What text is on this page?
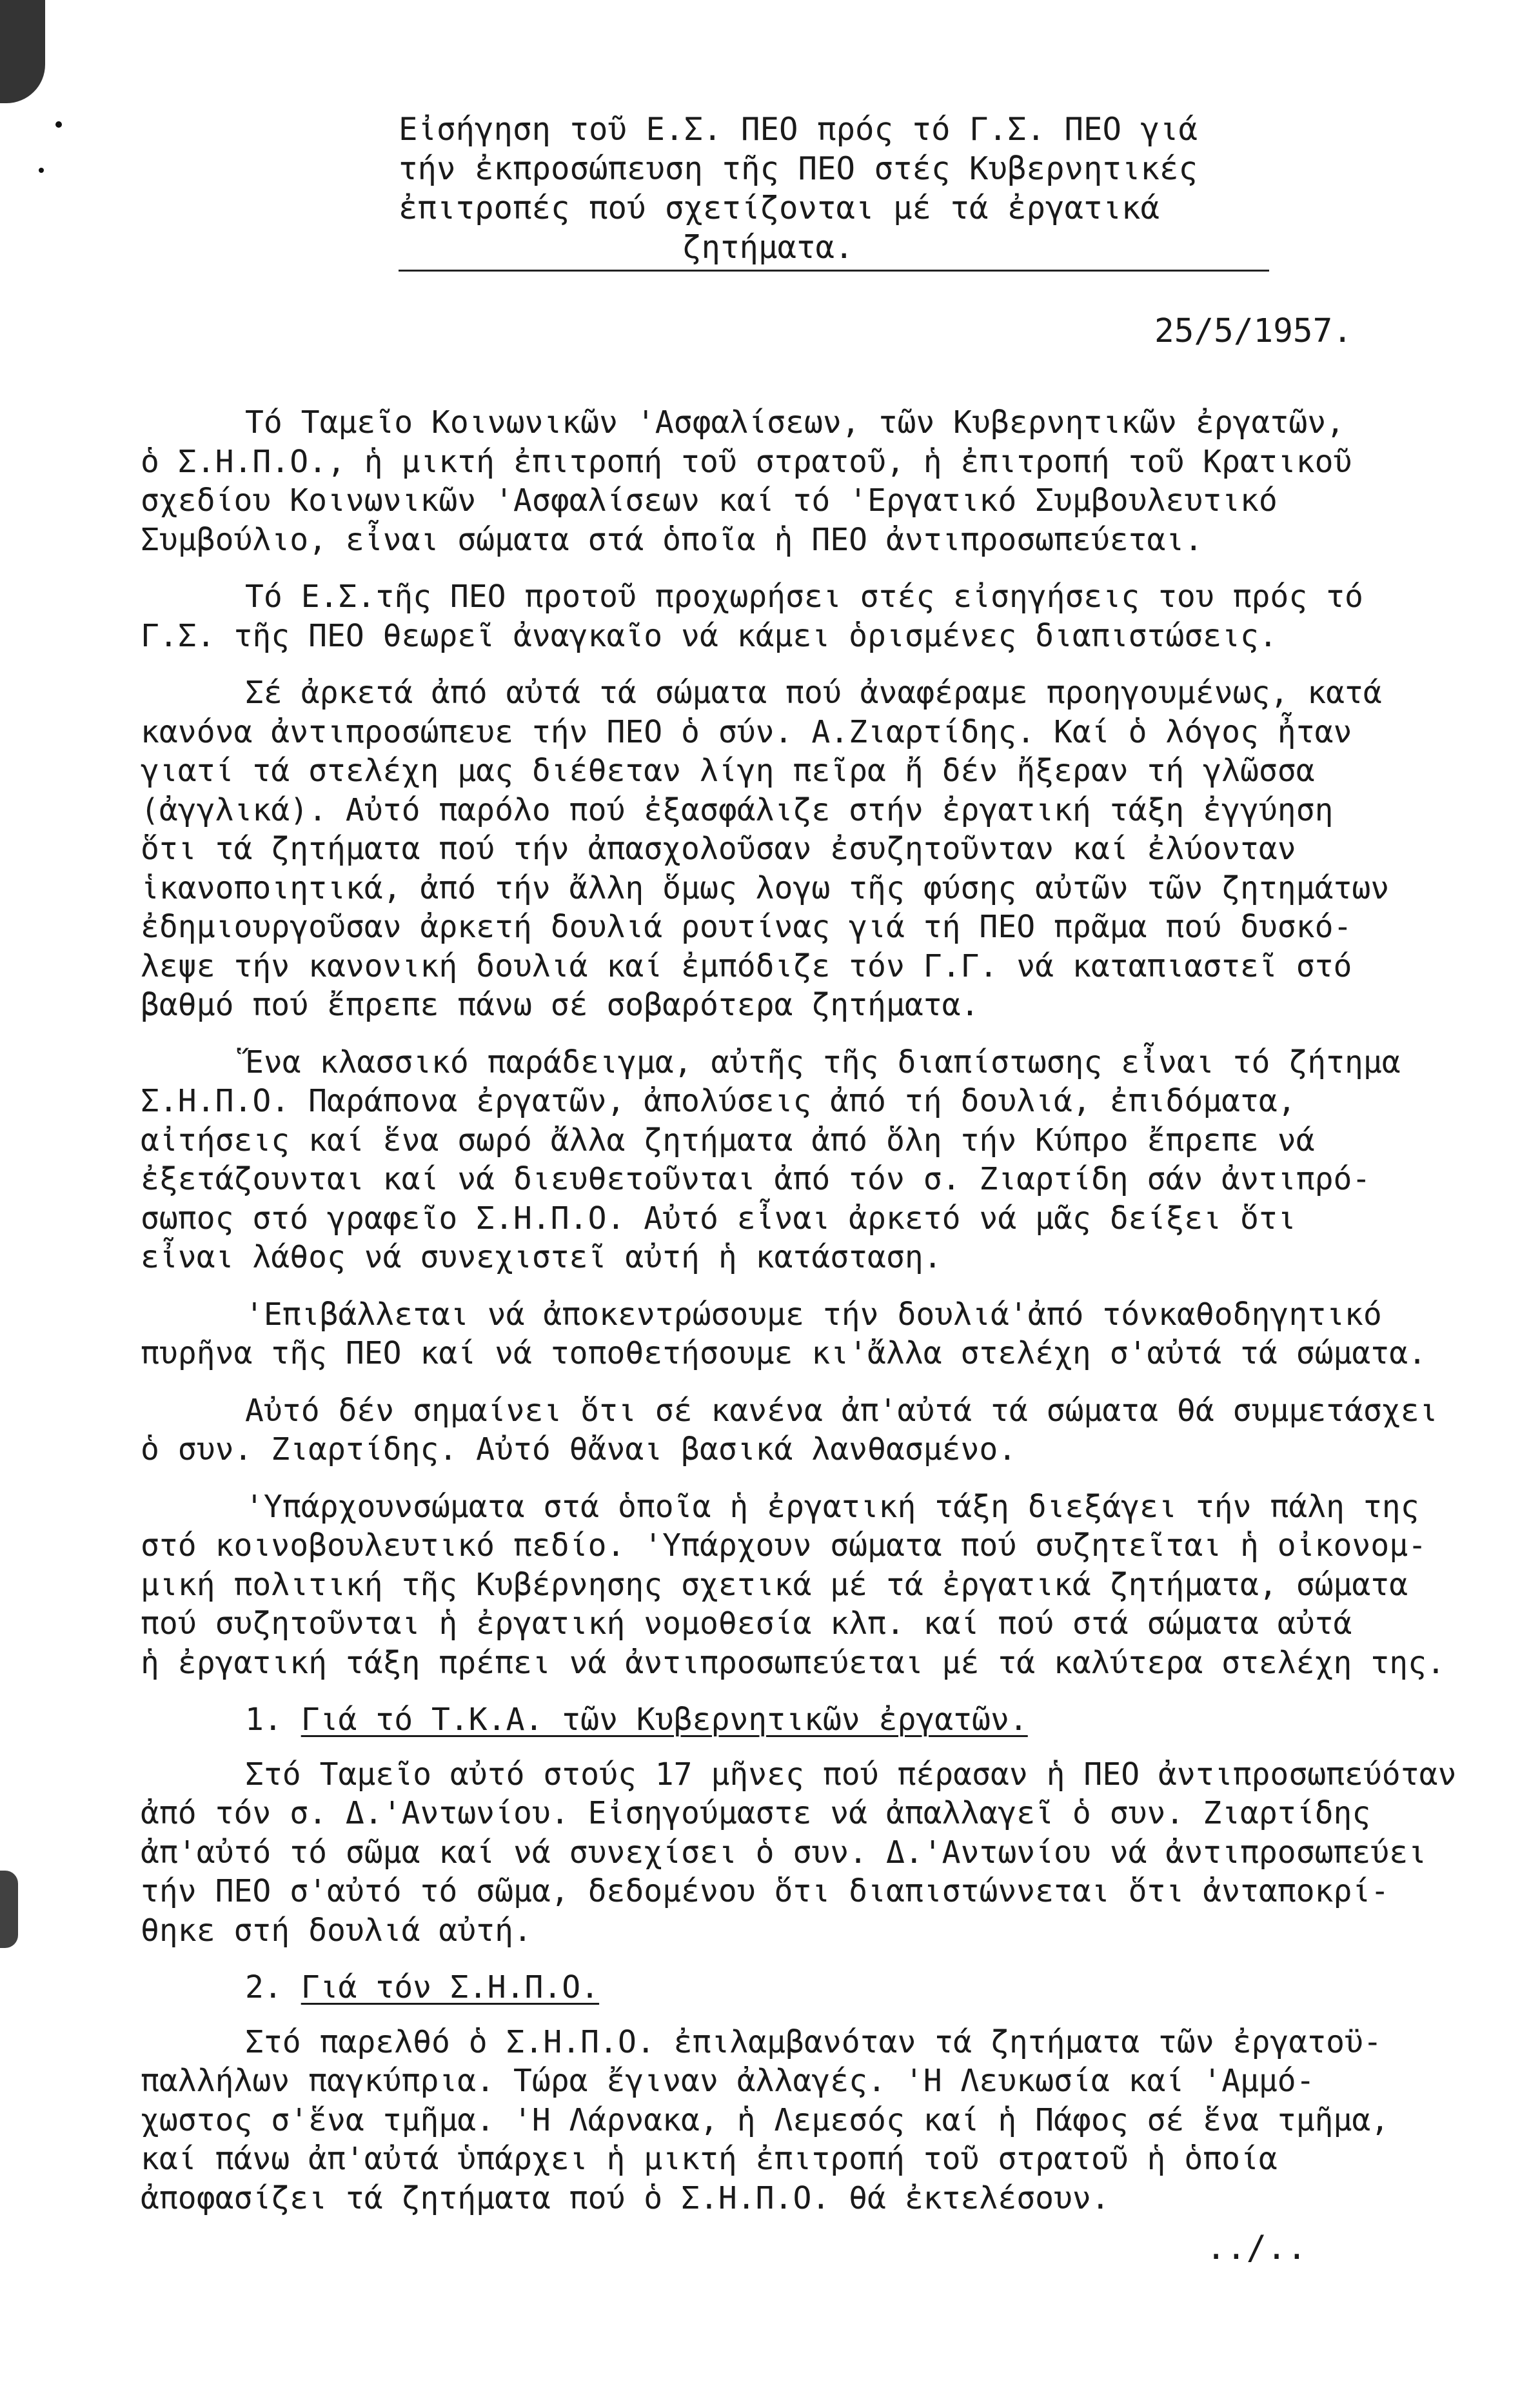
Εἰσήγηση τοῦ Ε.Σ. ΠΕΟ πρός τό Γ.Σ. ΠΕΟ γιά
τήν ἐκπροσώπευση τῆς ΠΕΟ στές Κυβερνητικές
ἐπιτροπές πού σχετίζονται μέ τά ἐργατικά
ζητήματα.
25/5/1957.
Τό Ταμεῖο Κοινωνικῶν 'Ασφαλίσεων, τῶν Κυβερνητικῶν ἐργατῶν,
ὁ Σ.Η.Π.Ο., ἡ μικτή ἐπιτροπή τοῦ στρατοῦ, ἡ ἐπιτροπή τοῦ Κρατικοῦ
σχεδίου Κοινωνικῶν 'Ασφαλίσεων καί τό 'Εργατικό Συμβουλευτικό
Συμβούλιο, εἶναι σώματα στά ὁποῖα ἡ ΠΕΟ ἀντιπροσωπεύεται.
Τό Ε.Σ.τῆς ΠΕΟ προτοῦ προχωρήσει στές εἰσηγήσεις του πρός τό
Γ.Σ. τῆς ΠΕΟ θεωρεῖ ἀναγκαῖο νά κάμει ὁρισμένες διαπιστώσεις.
Σέ ἀρκετά ἀπό αὐτά τά σώματα πού ἀναφέραμε προηγουμένως, κατά
κανόνα ἀντιπροσώπευε τήν ΠΕΟ ὁ σύν. Α.Ζιαρτίδης. Καί ὁ λόγος ἦταν
γιατί τά στελέχη μας διέθεταν λίγη πεῖρα ἤ δέν ἤξεραν τή γλῶσσα
(ἀγγλικά). Αὐτό παρόλο πού ἐξασφάλιζε στήν ἐργατική τάξη ἐγγύηση
ὅτι τά ζητήματα πού τήν ἀπασχολοῦσαν ἐσυζητοῦνταν καί ἐλύονταν
ἱκανοποιητικά, ἀπό τήν ἄλλη ὅμως λογω τῆς φύσης αὐτῶν τῶν ζητημάτων
ἐδημιουργοῦσαν ἀρκετή δουλιά ρουτίνας γιά τή ΠΕΟ πρᾶμα πού δυσκό-
λεψε τήν κανονική δουλιά καί ἐμπόδιζε τόν Γ.Γ. νά καταπιαστεῖ στό
βαθμό πού ἔπρεπε πάνω σέ σοβαρότερα ζητήματα.
Ἕνα κλασσικό παράδειγμα, αὐτῆς τῆς διαπίστωσης εἶναι τό ζήτημα
Σ.Η.Π.Ο. Παράπονα ἐργατῶν, ἀπολύσεις ἀπό τή δουλιά, ἐπιδόματα,
αἰτήσεις καί ἕνα σωρό ἄλλα ζητήματα ἀπό ὅλη τήν Κύπρο ἔπρεπε νά
ἐξετάζουνται καί νά διευθετοῦνται ἀπό τόν σ. Ζιαρτίδη σάν ἀντιπρό-
σωπος στό γραφεῖο Σ.Η.Π.Ο. Αὐτό εἶναι ἀρκετό νά μᾶς δείξει ὅτι
εἶναι λάθος νά συνεχιστεῖ αὐτή ἡ κατάσταση.
'Επιβάλλεται νά ἀποκεντρώσουμε τήν δουλιά'ἀπό τόνκαθοδηγητικό
πυρῆνα τῆς ΠΕΟ καί νά τοποθετήσουμε κι'ἄλλα στελέχη σ'αὐτά τά σώματα.
Αὐτό δέν σημαίνει ὅτι σέ κανένα ἀπ'αὐτά τά σώματα θά συμμετάσχει
ὁ συν. Ζιαρτίδης. Αὐτό θἄναι βασικά λανθασμένο.
'Υπάρχουνσώματα στά ὁποῖα ἡ ἐργατική τάξη διεξάγει τήν πάλη της
στό κοινοβουλευτικό πεδίο. 'Υπάρχουν σώματα πού συζητεῖται ἡ οἰκονομ-
μική πολιτική τῆς Κυβέρνησης σχετικά μέ τά ἐργατικά ζητήματα, σώματα
πού συζητοῦνται ἡ ἐργατική νομοθεσία κλπ. καί πού στά σώματα αὐτά
ἡ ἐργατική τάξη πρέπει νά ἀντιπροσωπεύεται μέ τά καλύτερα στελέχη της.
1. Γιά τό Τ.Κ.Α. τῶν Κυβερνητικῶν ἐργατῶν.
Στό Ταμεῖο αὐτό στούς 17 μῆνες πού πέρασαν ἡ ΠΕΟ ἀντιπροσωπεύόταν
ἀπό τόν σ. Δ.'Αντωνίου. Εἰσηγούμαστε νά ἀπαλλαγεῖ ὁ συν. Ζιαρτίδης
ἀπ'αὐτό τό σῶμα καί νά συνεχίσει ὁ συν. Δ.'Αντωνίου νά ἀντιπροσωπεύει
τήν ΠΕΟ σ'αὐτό τό σῶμα, δεδομένου ὅτι διαπιστώννεται ὅτι ἀνταποκρί-
θηκε στή δουλιά αὐτή.
2. Γιά τόν Σ.Η.Π.Ο.
Στό παρελθό ὁ Σ.Η.Π.Ο. ἐπιλαμβανόταν τά ζητήματα τῶν ἐργατοϋ-
παλλήλων παγκύπρια. Τώρα ἔγιναν ἀλλαγές. 'Η Λευκωσία καί 'Αμμό-
χωστος σ'ἕνα τμῆμα. 'Η Λάρνακα, ἡ Λεμεσός καί ἡ Πάφος σέ ἕνα τμῆμα,
καί πάνω ἀπ'αὐτά ὑπάρχει ἡ μικτή ἐπιτροπή τοῦ στρατοῦ ἡ ὁποία
ἀποφασίζει τά ζητήματα πού ὁ Σ.Η.Π.Ο. θά ἐκτελέσουν.
../..
